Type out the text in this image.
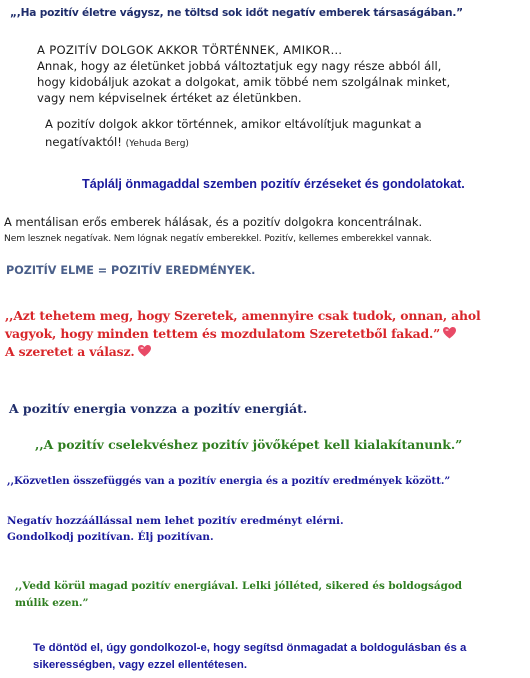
„,Ha pozitív életre vágysz, ne töltsd sok időt negatív emberek társaságában.”

A POZITÍV DOLGOK AKKOR TÖRTÉNNEK, AMIKOR…
Annak, hogy az életünket jobbá változtatjuk egy nagy része abból áll,
hogy kidobáljuk azokat a dolgokat, amik többé nem szolgálnak minket,
vagy nem képviselnek értéket az életünkben.
A pozitív dolgok akkor történnek, amikor eltávolítjuk magunkat a
negatívaktól! (Yehuda Berg)

Táplálj önmagaddal szemben pozitív érzéseket és gondolatokat.

A mentálisan erős emberek hálásak, és a pozitív dolgokra koncentrálnak.

Nem lesznek negatívak. Nem lógnak negatív emberekkel. Pozitív, kellemes emberekkel vannak.

POZITÍV ELME = POZITÍV EREDMÉNYEK.

,,Azt tehetem meg, hogy Szeretek, amennyire csak tudok, onnan, ahol
vagyok, hogy minden tettem és mozdulatom Szeretetből fakad.”
A szeretet a válasz.

A pozitív energia vonzza a pozitív energiát.

,,A pozitív cselekvéshez pozitív jövőképet kell kialakítanunk.”

,,Közvetlen összefüggés van a pozitív energia és a pozitív eredmények között.”

Negatív hozzáállással nem lehet pozitív eredményt elérni.
Gondolkodj pozitívan. Élj pozitívan.
,,Vedd körül magad pozitív energiával. Lelki jólléted, sikered és boldogságod
múlik ezen.”
Te döntöd el, úgy gondolkozol-e, hogy segítsd önmagadat a boldogulásban és a
sikerességben, vagy ezzel ellentétesen.
